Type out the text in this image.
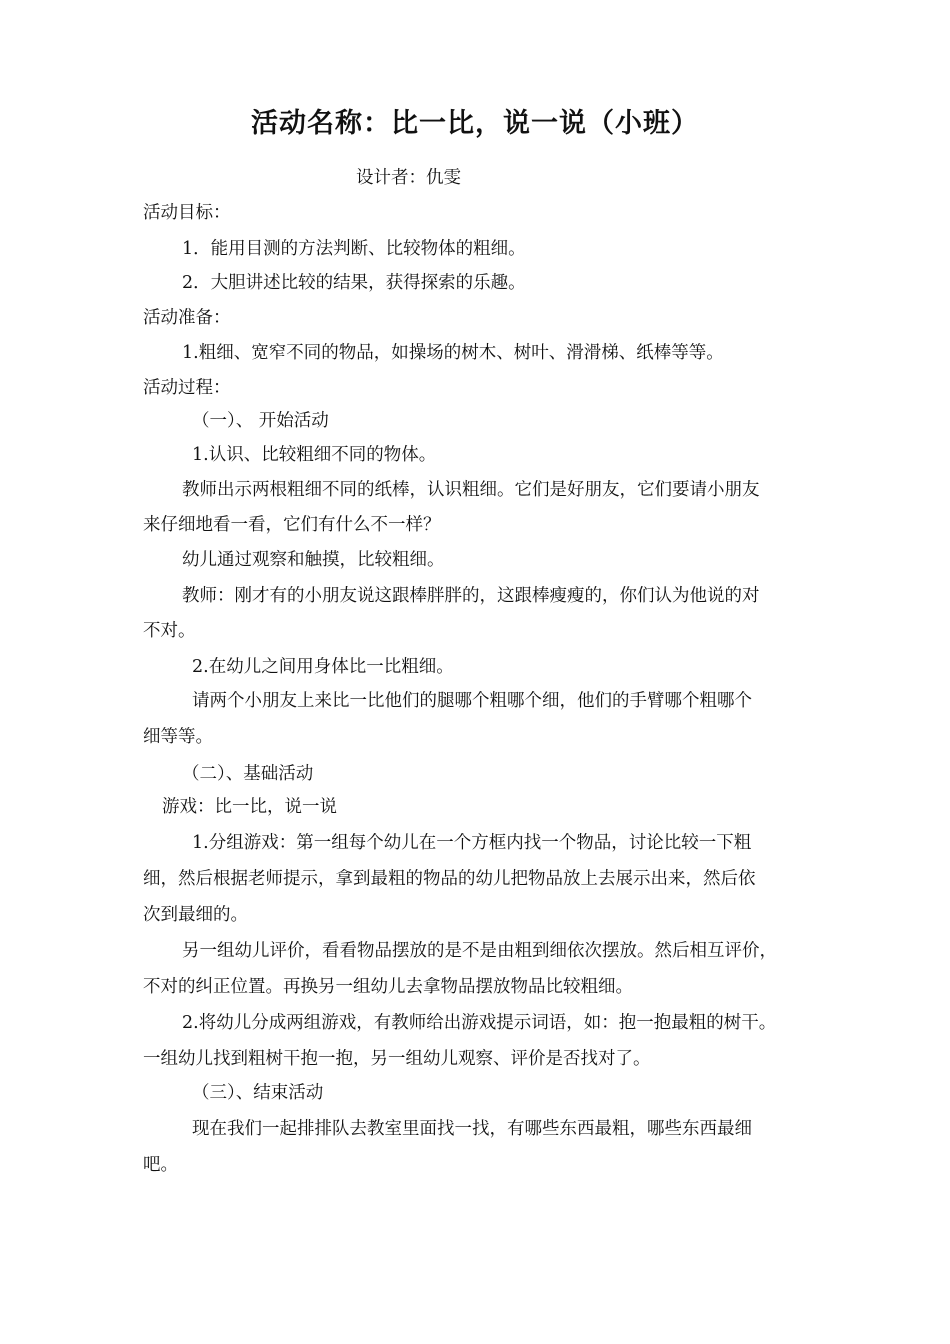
活动名称：比一比，说一说（小班）
设计者：仇雯
活动目标：
1．能用目测的方法判断、比较物体的粗细。
2．大胆讲述比较的结果，获得探索的乐趣。
活动准备：
1.粗细、宽窄不同的物品，如操场的树木、树叶、滑滑梯、纸棒等等。
活动过程：
（一）、 开始活动
1.认识、比较粗细不同的物体。
教师出示两根粗细不同的纸棒，认识粗细。它们是好朋友，它们要请小朋友
来仔细地看一看，它们有什么不一样？
幼儿通过观察和触摸，比较粗细。
教师：刚才有的小朋友说这跟棒胖胖的，这跟棒瘦瘦的，你们认为他说的对
不对。
2.在幼儿之间用身体比一比粗细。
请两个小朋友上来比一比他们的腿哪个粗哪个细，他们的手臂哪个粗哪个
细等等。
（二）、基础活动
游戏：比一比，说一说
1.分组游戏：第一组每个幼儿在一个方框内找一个物品，讨论比较一下粗
细，然后根据老师提示，拿到最粗的物品的幼儿把物品放上去展示出来，然后依
次到最细的。
另一组幼儿评价，看看物品摆放的是不是由粗到细依次摆放。然后相互评价，
不对的纠正位置。再换另一组幼儿去拿物品摆放物品比较粗细。
2.将幼儿分成两组游戏，有教师给出游戏提示词语，如：抱一抱最粗的树干。
一组幼儿找到粗树干抱一抱，另一组幼儿观察、评价是否找对了。
（三）、结束活动
现在我们一起排排队去教室里面找一找，有哪些东西最粗，哪些东西最细
吧。
